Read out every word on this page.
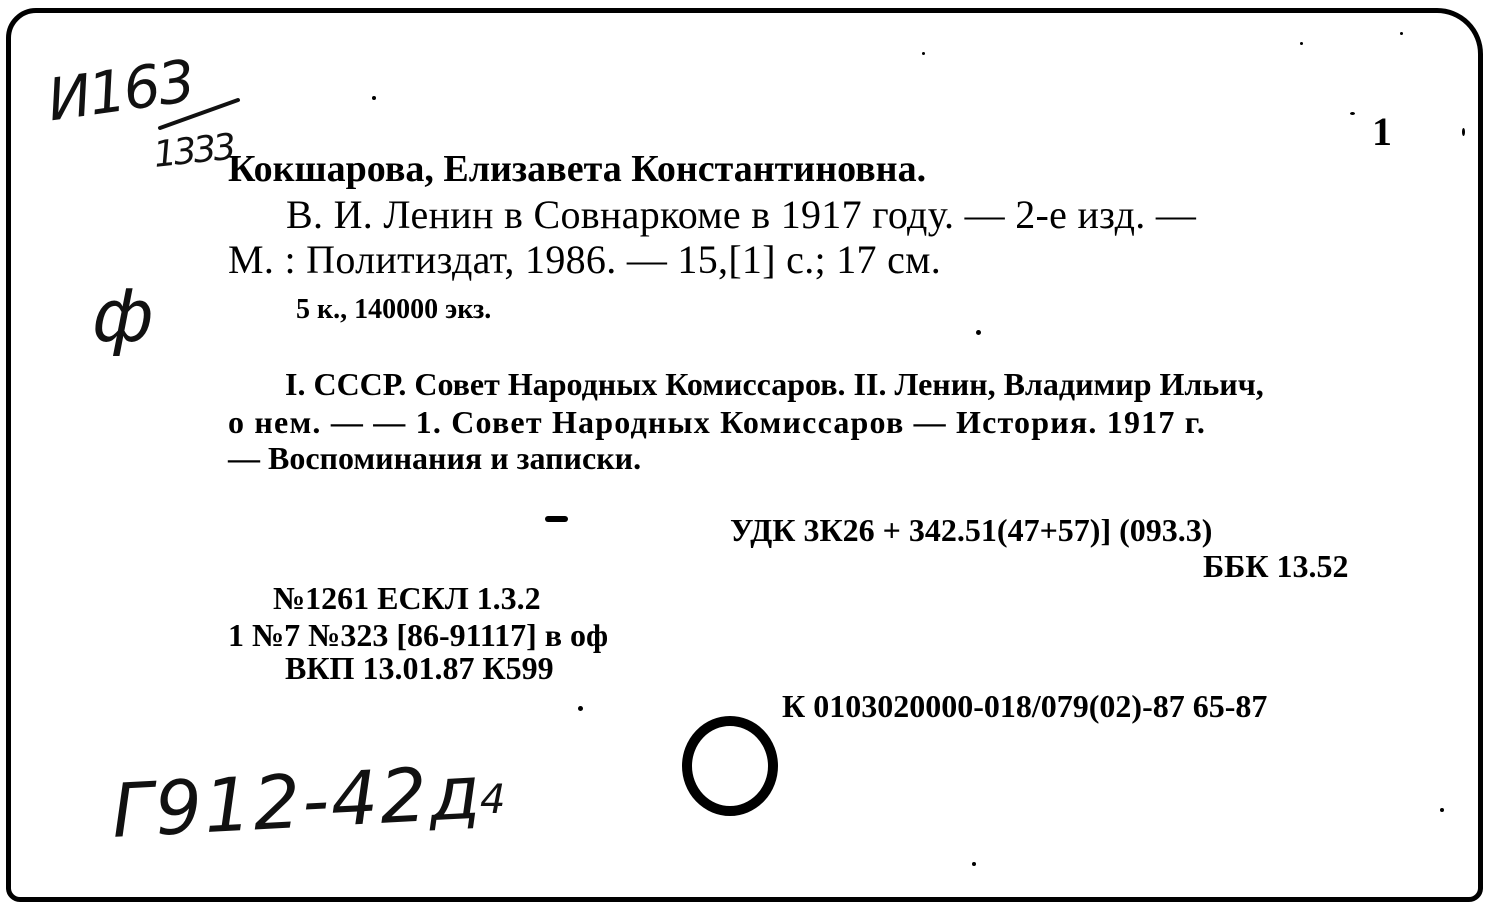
И163
1333
ф
Г912-42д
4
1
Кокшарова, Елизавета Константиновна.
В. И. Ленин в Совнаркоме в 1917 году. — 2-е изд. —
М. : Политиздат, 1986. — 15,[1] с.; 17 см.
5 к., 140000 экз.
I. СССР. Совет Народных Комиссаров. II. Ленин, Владимир Ильич,
о нем. — — 1. Совет Народных Комиссаров — История. 1917 г.
— Воспоминания и записки.
УДК 3К26 + 342.51(47+57)] (093.3)
ББК 13.52
№1261 ЕСКЛ 1.3.2
1 №7 №323 [86-91117] в оф
ВКП 13.01.87 К599
К 0103020000-018/079(02)-87 65-87
